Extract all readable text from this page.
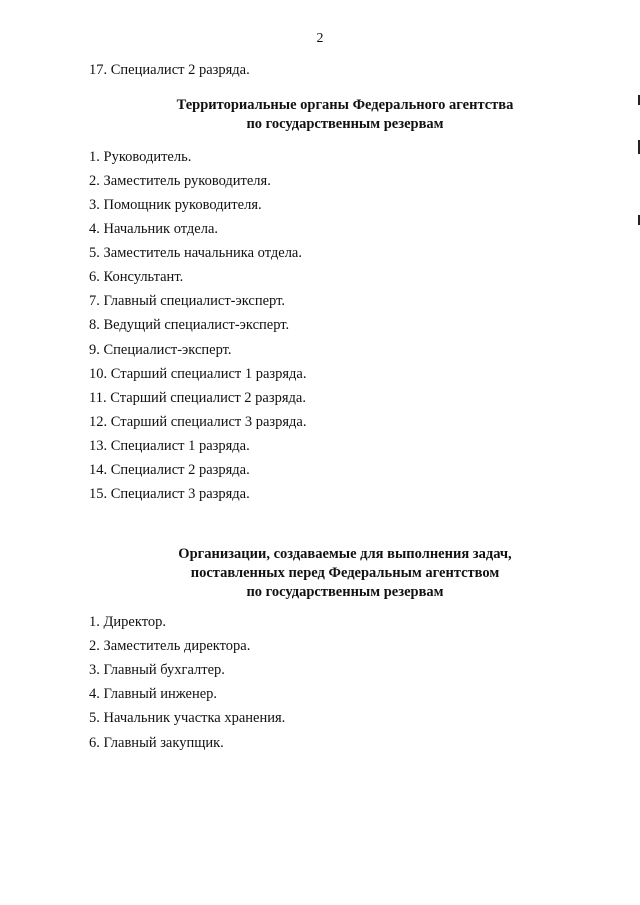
2
17. Специалист 2 разряда.
Территориальные органы Федерального агентства
по государственным резервам
1. Руководитель.
2. Заместитель руководителя.
3. Помощник руководителя.
4. Начальник отдела.
5. Заместитель начальника отдела.
6. Консультант.
7. Главный специалист-эксперт.
8. Ведущий специалист-эксперт.
9. Специалист-эксперт.
10. Старший специалист 1 разряда.
11. Старший специалист 2 разряда.
12. Старший специалист 3 разряда.
13. Специалист 1 разряда.
14. Специалист 2 разряда.
15. Специалист 3 разряда.
Организации, создаваемые для выполнения задач,
поставленных перед Федеральным агентством
по государственным резервам
1. Директор.
2. Заместитель директора.
3. Главный бухгалтер.
4. Главный инженер.
5. Начальник участка хранения.
6. Главный закупщик.
